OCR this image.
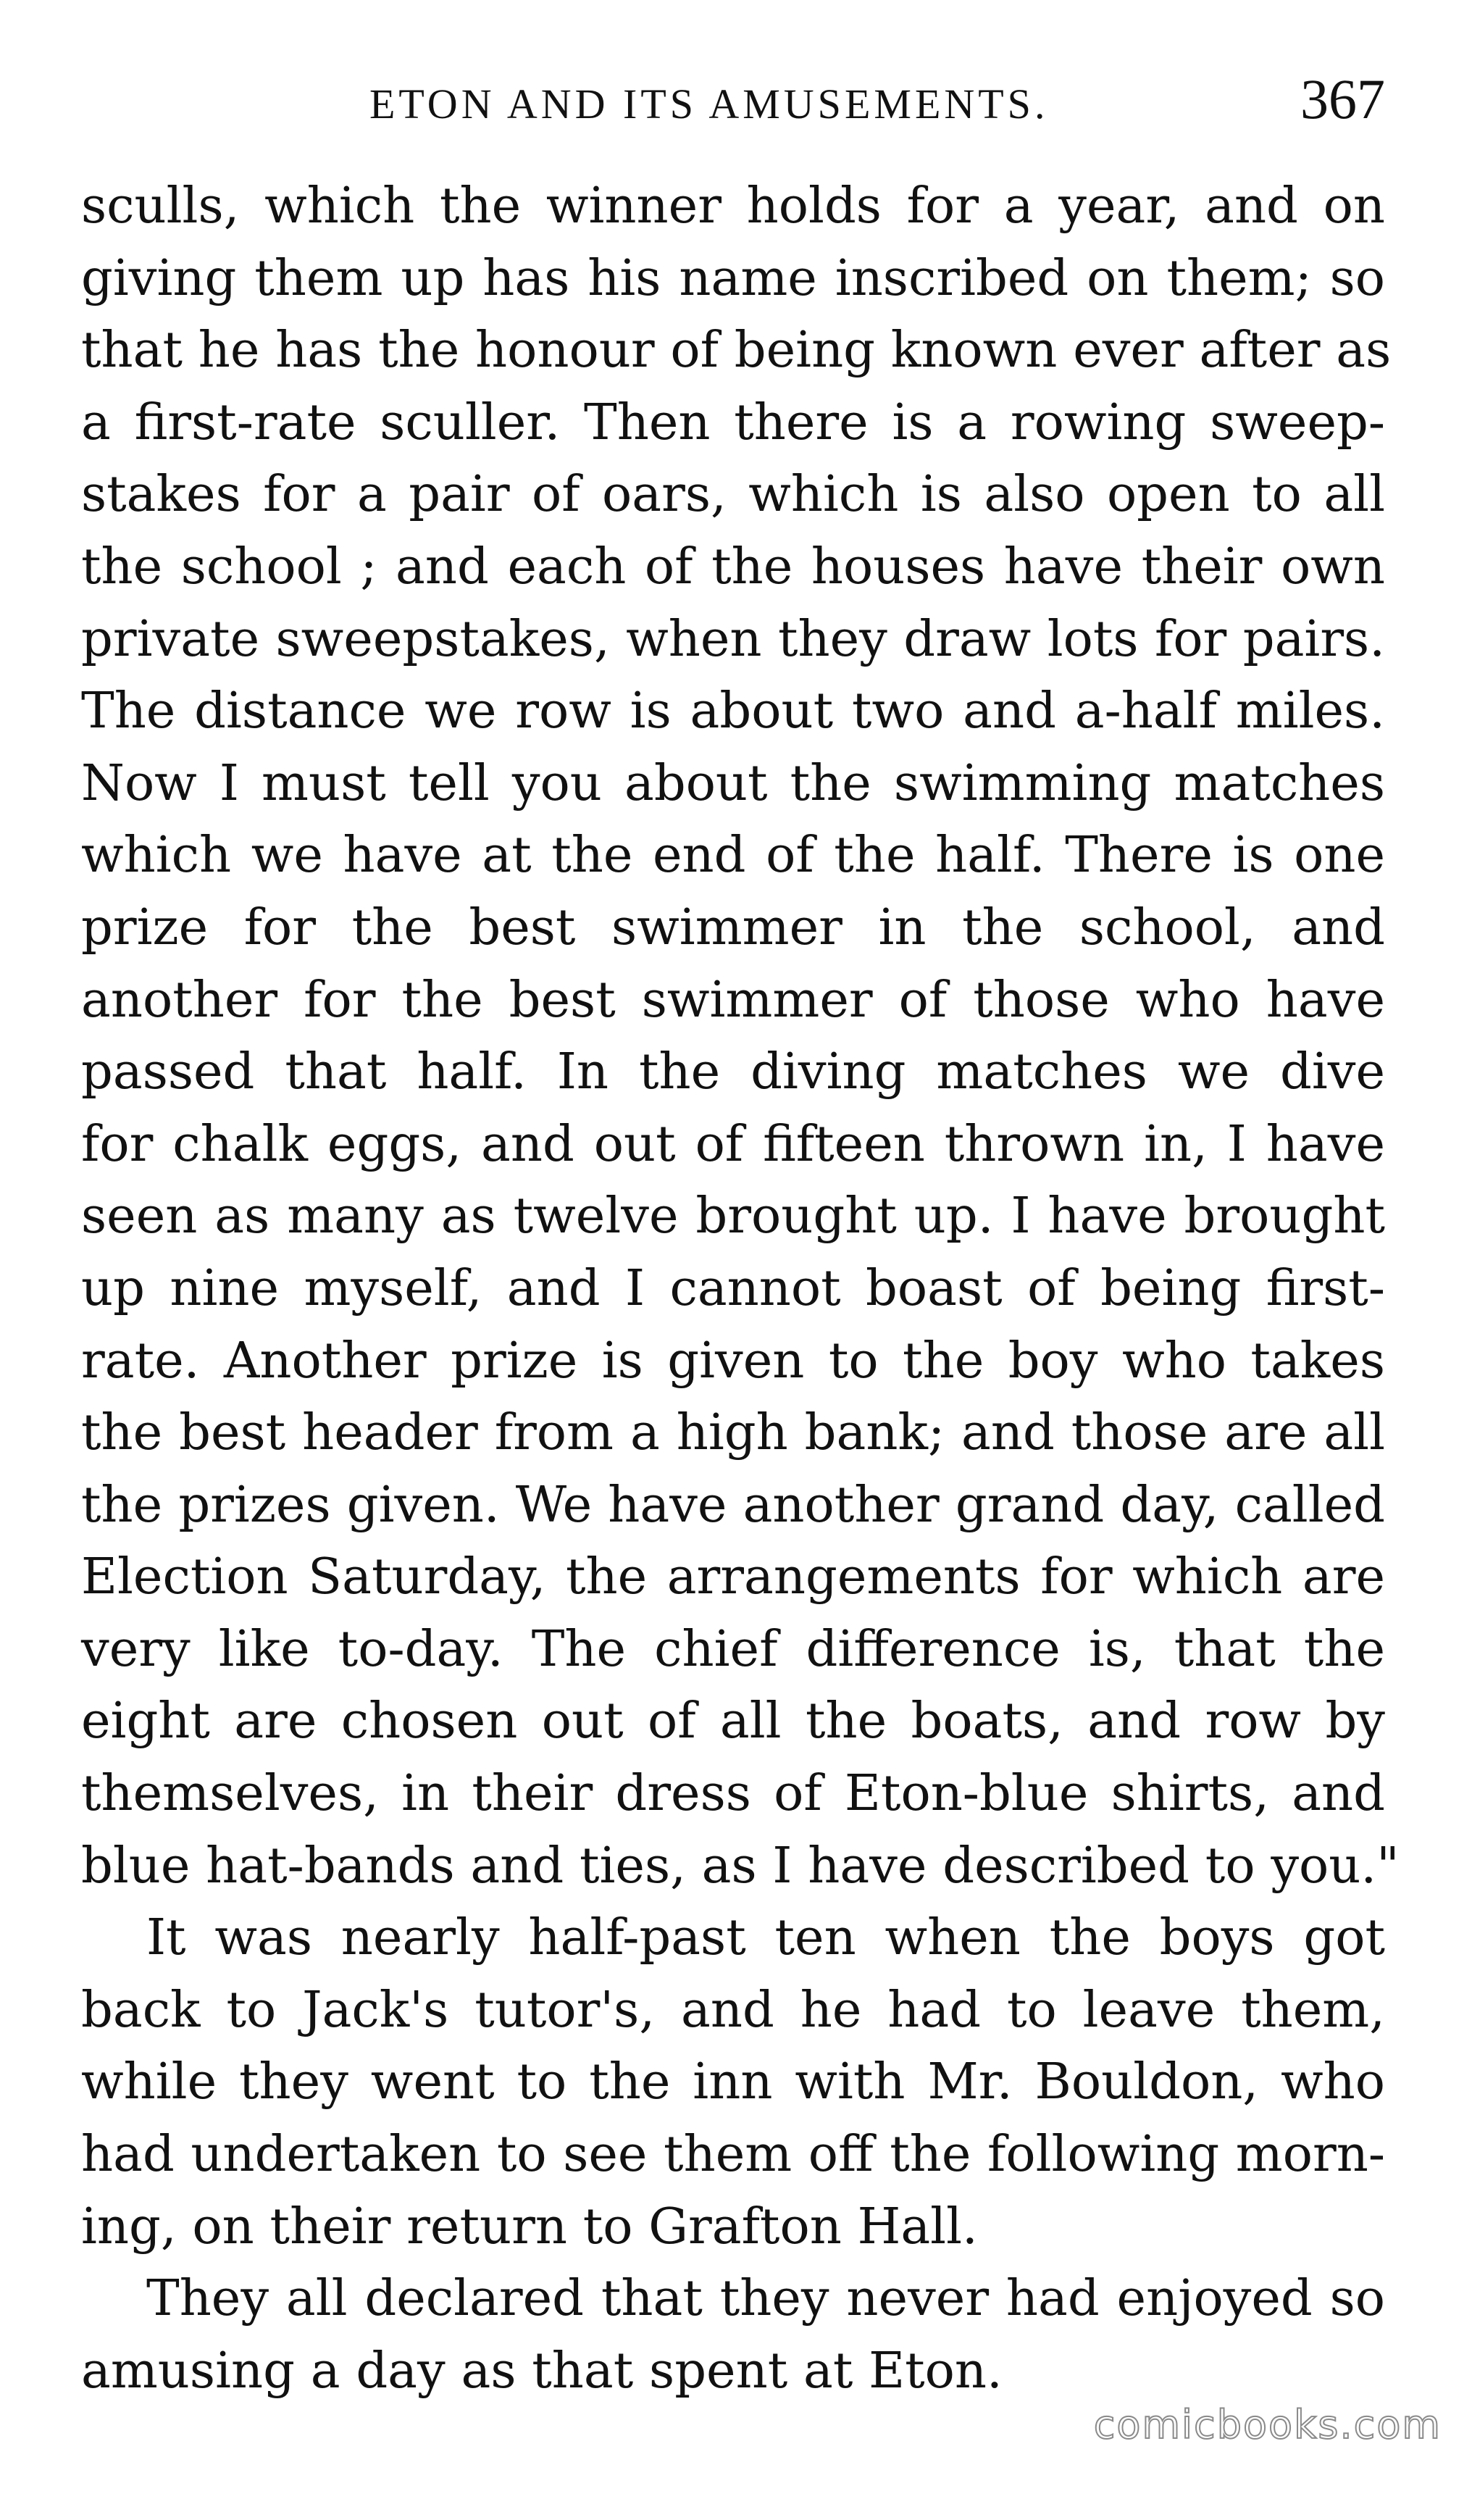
ETON AND ITS AMUSEMENTS.	367
sculls, which the winner holds for a year, and on
giving them up has his name inscribed on them; so
that he has the honour of being known ever after as
a first-rate sculler. Then there is a rowing sweep-
stakes for a pair of oars, which is also open to all
the school ; and each of the houses have their own
private sweepstakes, when they draw lots for pairs.
The distance we row is about two and a-half miles.
Now I must tell you about the swimming matches
which we have at the end of the half. There is one
prize for the best swimmer in the school, and
another for the best swimmer of those who have
passed that half. In the diving matches we dive
for chalk eggs, and out of fifteen thrown in, I have
seen as many as twelve brought up. I have brought
up nine myself, and I cannot boast of being first-
rate. Another prize is given to the boy who takes
the best header from a high bank; and those are all
the prizes given. We have another grand day, called
Election Saturday, the arrangements for which are
very like to-day. The chief difference is, that the
eight are chosen out of all the boats, and row by
themselves, in their dress of Eton-blue shirts, and
blue hat-bands and ties, as I have described to you."
It was nearly half-past ten when the boys got
back to Jack's tutor's, and he had to leave them,
while they went to the inn with Mr. Bouldon, who
had undertaken to see them off the following morn-
ing, on their return to Grafton Hall.
They all declared that they never had enjoyed so
amusing a day as that spent at Eton.
comicbooks.com
